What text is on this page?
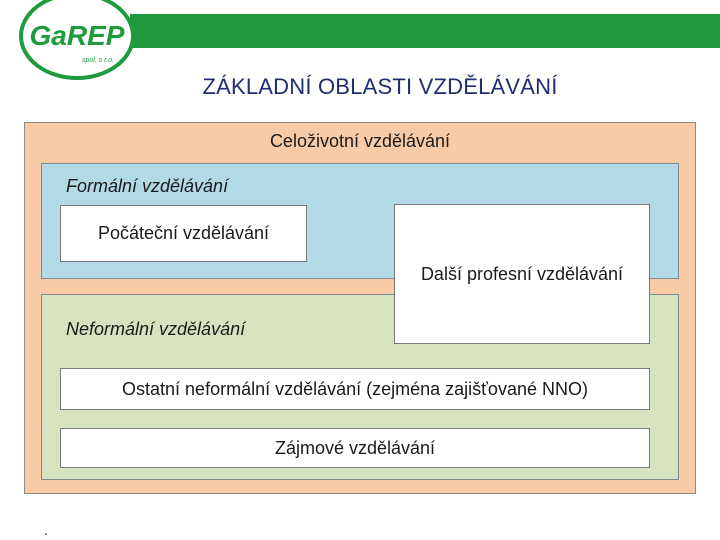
GaREP
spol. s r.o.
ZÁKLADNÍ OBLASTI VZDĚLÁVÁNÍ
Celoživotní vzdělávání
Formální vzdělávání
Neformální vzdělávání
Počáteční vzdělávání
Další profesní vzdělávání
Ostatní neformální vzdělávání (zejména zajišťované NNO)
Zájmové vzdělávání
.
